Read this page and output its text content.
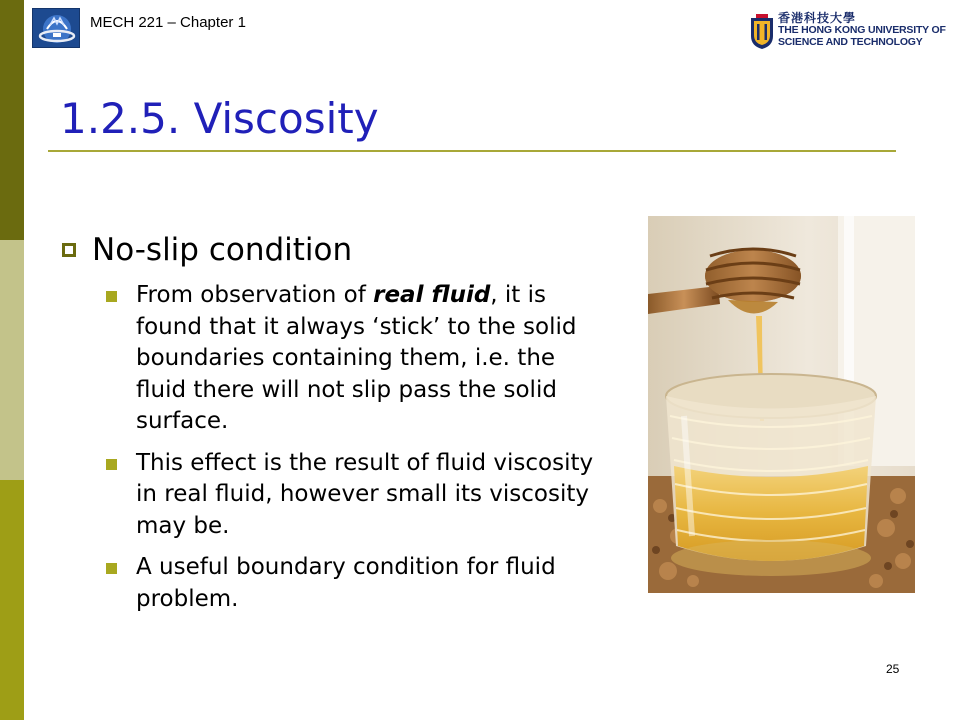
MECH 221 – Chapter 1	香港科技大學
THE HONG KONG UNIVERSITY OF
SCIENCE AND TECHNOLOGY
1.2.5. Viscosity
No-slip condition
From observation of real fluid, it is found that it always ‘stick’ to the solid boundaries containing them, i.e. the fluid there will not slip pass the solid surface.
This effect is the result of fluid viscosity in real fluid, however small its viscosity may be.
A useful boundary condition for fluid problem.
25
